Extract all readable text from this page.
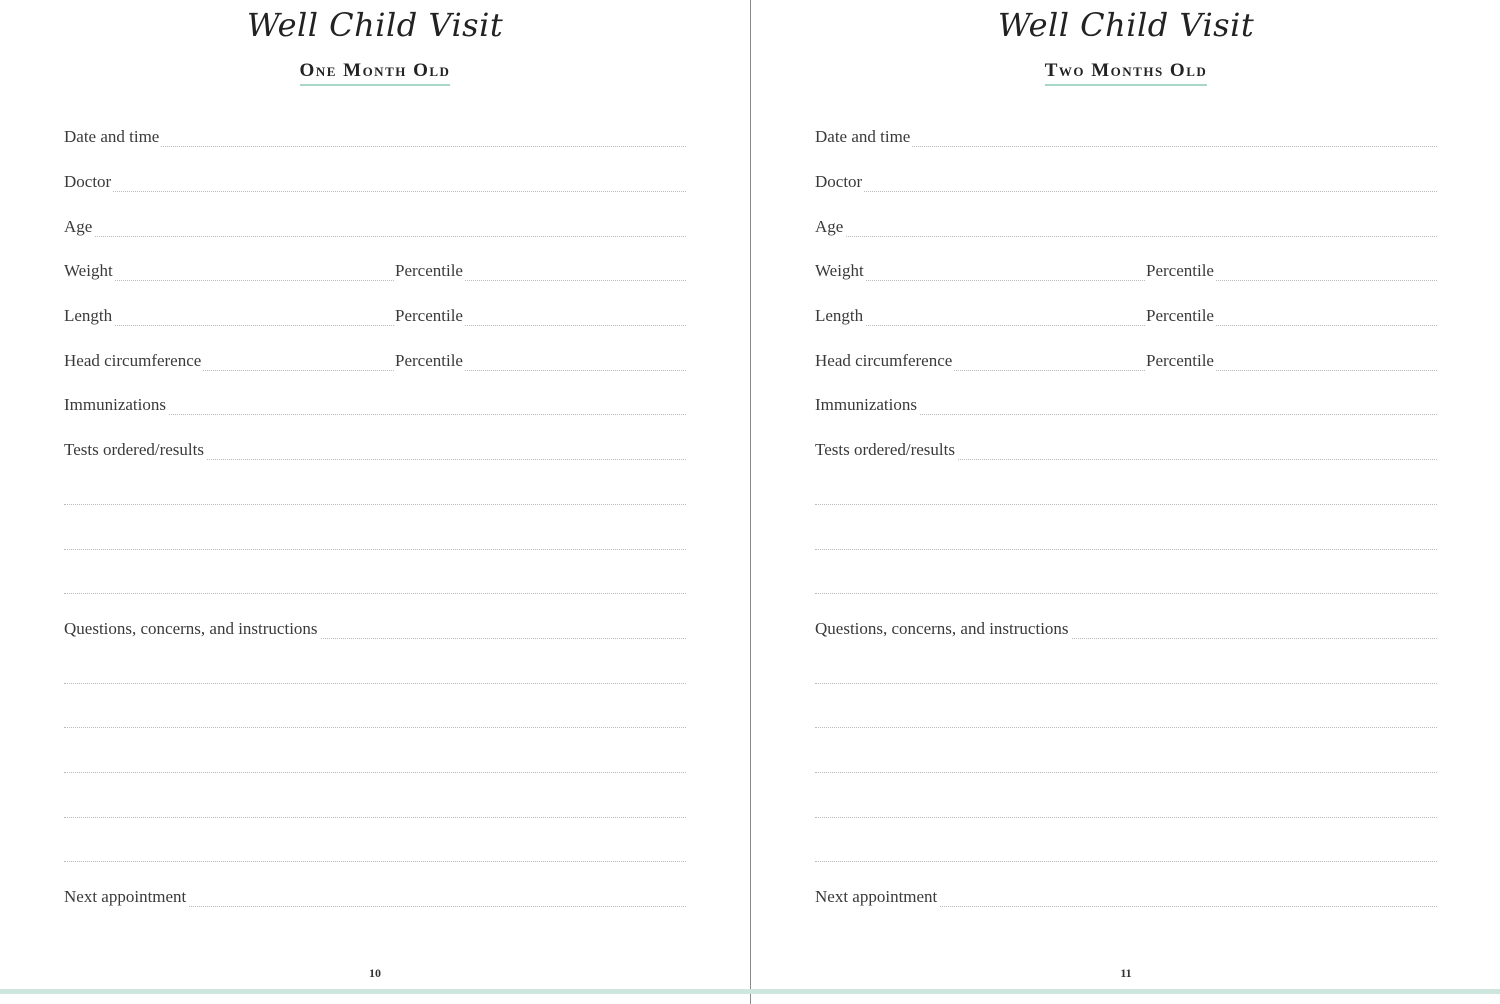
Well Child Visit
One Month Old
Date and time
Doctor
Age
Weight	Percentile
Length	Percentile
Head circumference	Percentile
Immunizations
Tests ordered/results
Questions, concerns, and instructions
Next appointment
10
Well Child Visit
Two Months Old
Date and time
Doctor
Age
Weight	Percentile
Length	Percentile
Head circumference	Percentile
Immunizations
Tests ordered/results
Questions, concerns, and instructions
Next appointment
11
